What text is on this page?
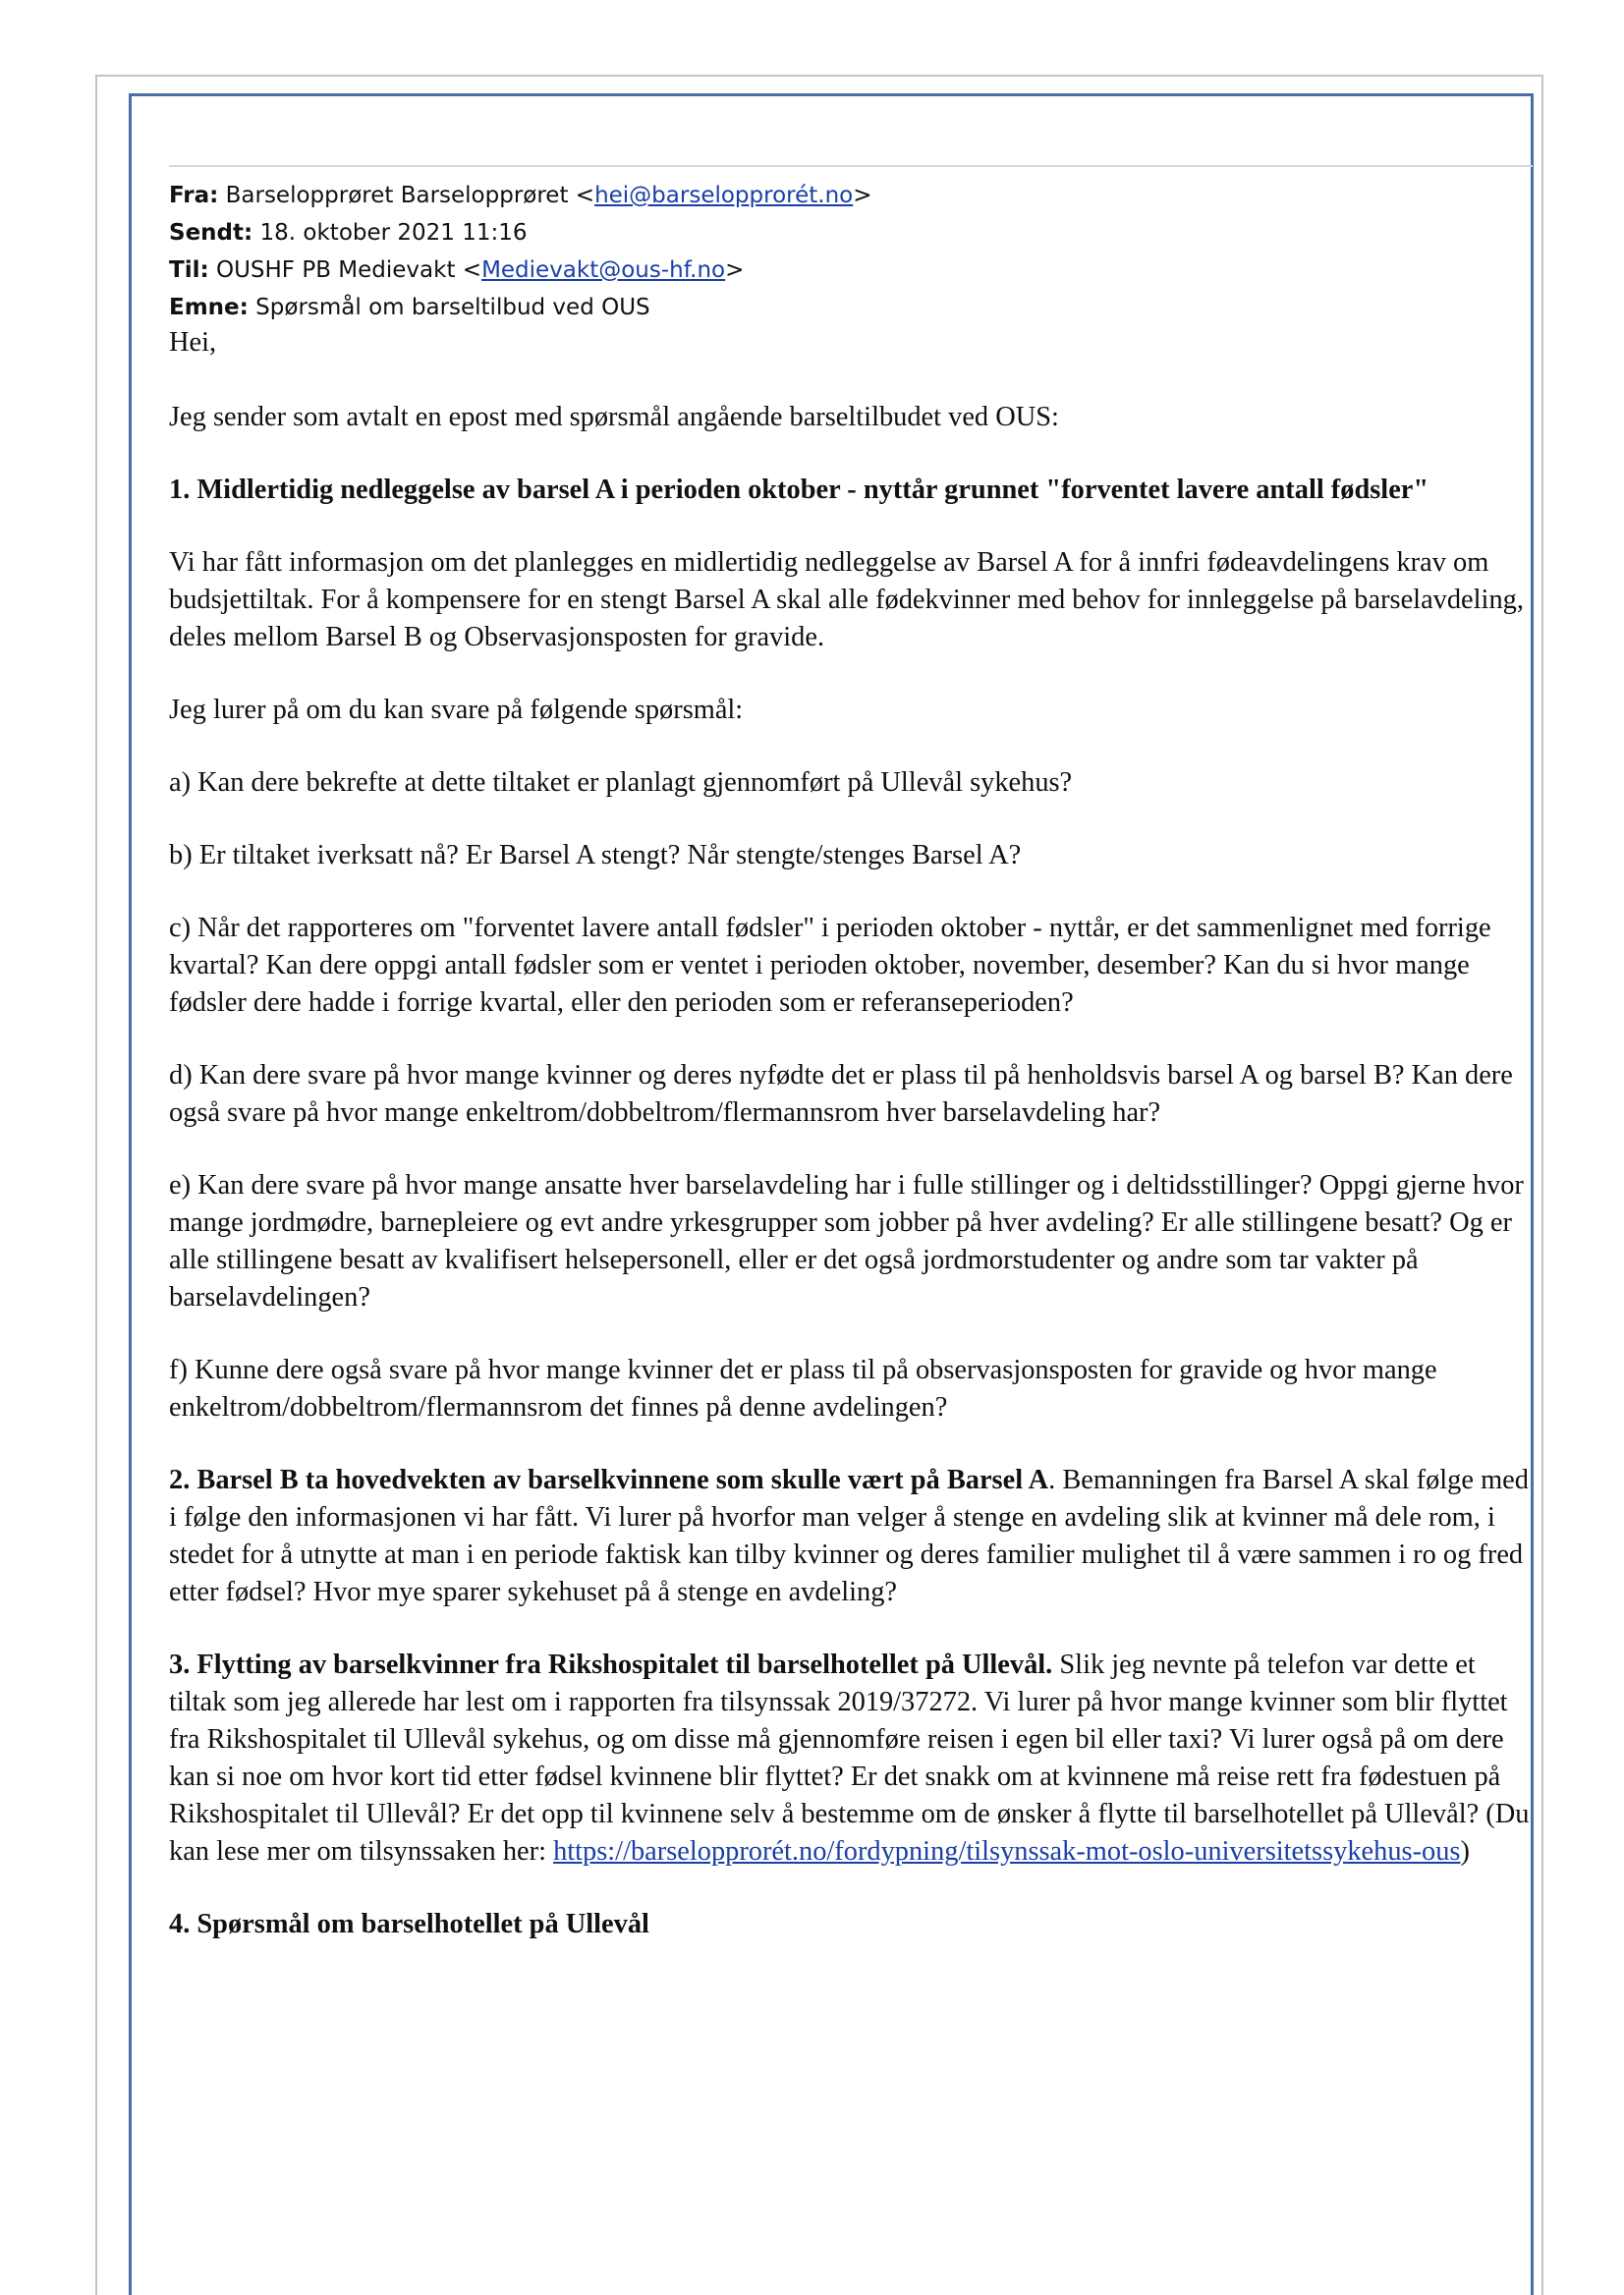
Fra: Barselopprøret Barselopprøret <hei@barselopprorét.no>
Sendt: 18. oktober 2021 11:16
Til: OUSHF PB Medievakt <Medievakt@ous-hf.no>
Emne: Spørsmål om barseltilbud ved OUS

Hei,

Jeg sender som avtalt en epost med spørsmål angående barseltilbudet ved OUS:

1. Midlertidig nedleggelse av barsel A i perioden oktober - nyttår grunnet "forventet lavere antall fødsler"

Vi har fått informasjon om det planlegges en midlertidig nedleggelse av Barsel A for å innfri fødeavdelingens krav om budsjettiltak. For å kompensere for en stengt Barsel A skal alle fødekvinner med behov for innleggelse på barselavdeling, deles mellom Barsel B og Observasjonsposten for gravide.

Jeg lurer på om du kan svare på følgende spørsmål:

a) Kan dere bekrefte at dette tiltaket er planlagt gjennomført på Ullevål sykehus?

b) Er tiltaket iverksatt nå? Er Barsel A stengt? Når stengte/stenges Barsel A?

c) Når det rapporteres om "forventet lavere antall fødsler" i perioden oktober - nyttår, er det sammenlignet med forrige kvartal? Kan dere oppgi antall fødsler som er ventet i perioden oktober, november, desember? Kan du si hvor mange fødsler dere hadde i forrige kvartal, eller den perioden som er referanseperioden?

d) Kan dere svare på hvor mange kvinner og deres nyfødte det er plass til på henholdsvis barsel A og barsel B? Kan dere også svare på hvor mange enkeltrom/dobbeltrom/flermannsrom hver barselavdeling har?

e) Kan dere svare på hvor mange ansatte hver barselavdeling har i fulle stillinger og i deltidsstillinger? Oppgi gjerne hvor mange jordmødre, barnepleiere og evt andre yrkesgrupper som jobber på hver avdeling? Er alle stillingene besatt? Og er alle stillingene besatt av kvalifisert helsepersonell, eller er det også jordmorstudenter og andre som tar vakter på barselavdelingen?

f) Kunne dere også svare på hvor mange kvinner det er plass til på observasjonsposten for gravide og hvor mange enkeltrom/dobbeltrom/flermannsrom det finnes på denne avdelingen?

2. Barsel B ta hovedvekten av barselkvinnene som skulle vært på Barsel A. Bemanningen fra Barsel A skal følge med i følge den informasjonen vi har fått. Vi lurer på hvorfor man velger å stenge en avdeling slik at kvinner må dele rom, i stedet for å utnytte at man i en periode faktisk kan tilby kvinner og deres familier mulighet til å være sammen i ro og fred etter fødsel? Hvor mye sparer sykehuset på å stenge en avdeling?

3. Flytting av barselkvinner fra Rikshospitalet til barselhotellet på Ullevål. Slik jeg nevnte på telefon var dette et tiltak som jeg allerede har lest om i rapporten fra tilsynssak 2019/37272. Vi lurer på hvor mange kvinner som blir flyttet fra Rikshospitalet til Ullevål sykehus, og om disse må gjennomføre reisen i egen bil eller taxi? Vi lurer også på om dere kan si noe om hvor kort tid etter fødsel kvinnene blir flyttet? Er det snakk om at kvinnene må reise rett fra fødestuen på Rikshospitalet til Ullevål? Er det opp til kvinnene selv å bestemme om de ønsker å flytte til barselhotellet på Ullevål? (Du kan lese mer om tilsynssaken her: https://barselopprorét.no/fordypning/tilsynssak-mot-oslo-universitetssykehus-ous)

4. Spørsmål om barselhotellet på Ullevål
